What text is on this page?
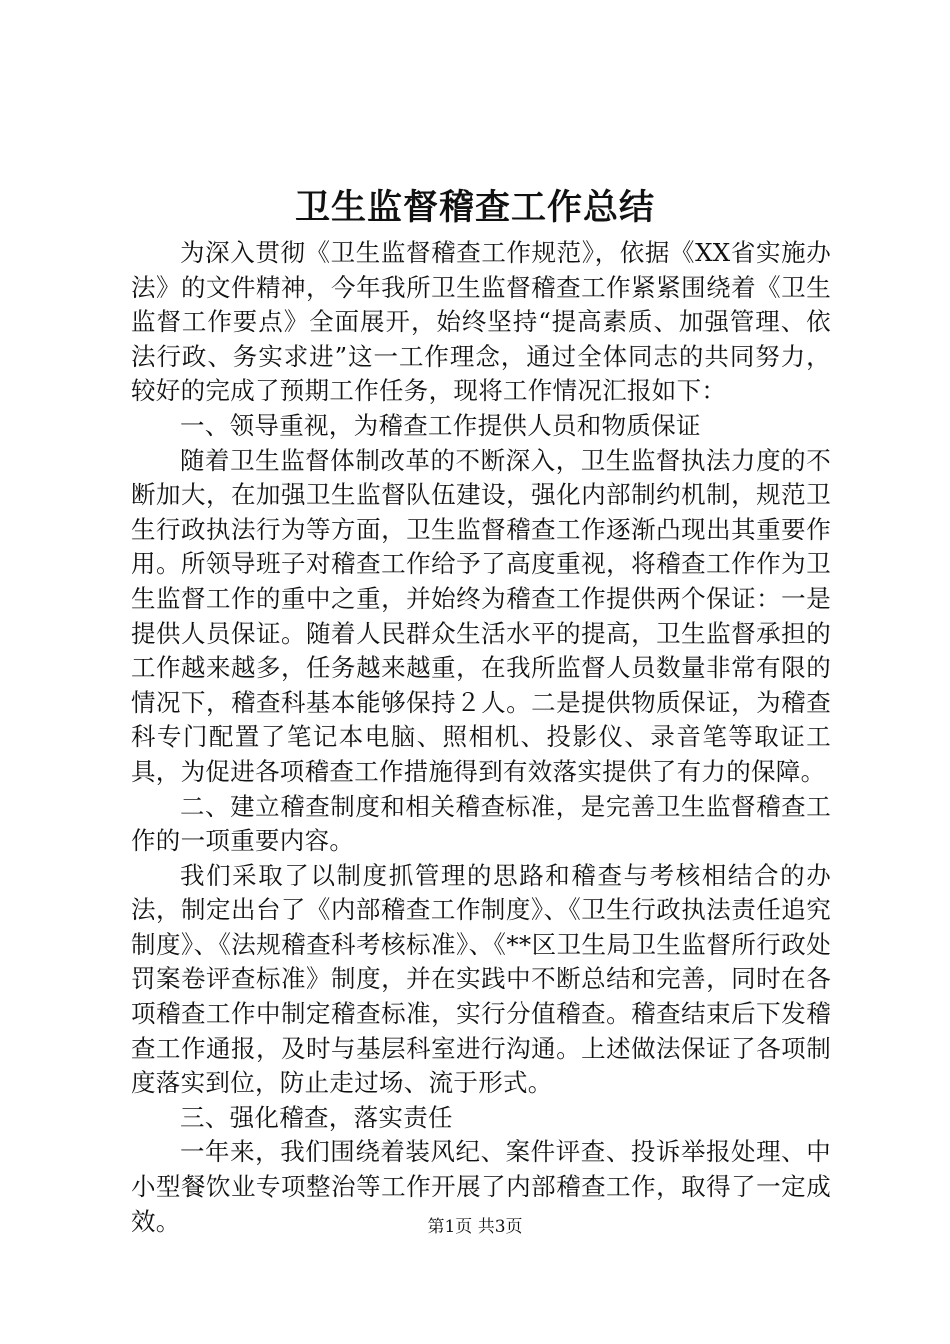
卫生监督稽查工作总结

为深入贯彻《卫生监督稽查工作规范》，依据《XX省实施办法》的文件精神，今年我所卫生监督稽查工作紧紧围绕着《卫生监督工作要点》全面展开，始终坚持“提高素质、加强管理、依法行政、务实求进”这一工作理念，通过全体同志的共同努力，较好的完成了预期工作任务，现将工作情况汇报如下：

一、领导重视，为稽查工作提供人员和物质保证

随着卫生监督体制改革的不断深入，卫生监督执法力度的不断加大，在加强卫生监督队伍建设，强化内部制约机制，规范卫生行政执法行为等方面，卫生监督稽查工作逐渐凸现出其重要作用。所领导班子对稽查工作给予了高度重视，将稽查工作作为卫生监督工作的重中之重，并始终为稽查工作提供两个保证：一是提供人员保证。随着人民群众生活水平的提高，卫生监督承担的工作越来越多，任务越来越重，在我所监督人员数量非常有限的情况下，稽查科基本能够保持２人。二是提供物质保证，为稽查科专门配置了笔记本电脑、照相机、投影仪、录音笔等取证工具，为促进各项稽查工作措施得到有效落实提供了有力的保障。

二、建立稽查制度和相关稽查标准，是完善卫生监督稽查工作的一项重要内容。

我们采取了以制度抓管理的思路和稽查与考核相结合的办法，制定出台了《内部稽查工作制度》、《卫生行政执法责任追究制度》、《法规稽查科考核标准》、《**区卫生局卫生监督所行政处罚案卷评查标准》制度，并在实践中不断总结和完善，同时在各项稽查工作中制定稽查标准，实行分值稽查。稽查结束后下发稽查工作通报，及时与基层科室进行沟通。上述做法保证了各项制度落实到位，防止走过场、流于形式。

三、强化稽查，落实责任

一年来，我们围绕着装风纪、案件评查、投诉举报处理、中小型餐饮业专项整治等工作开展了内部稽查工作，取得了一定成效。	第1页 共3页
